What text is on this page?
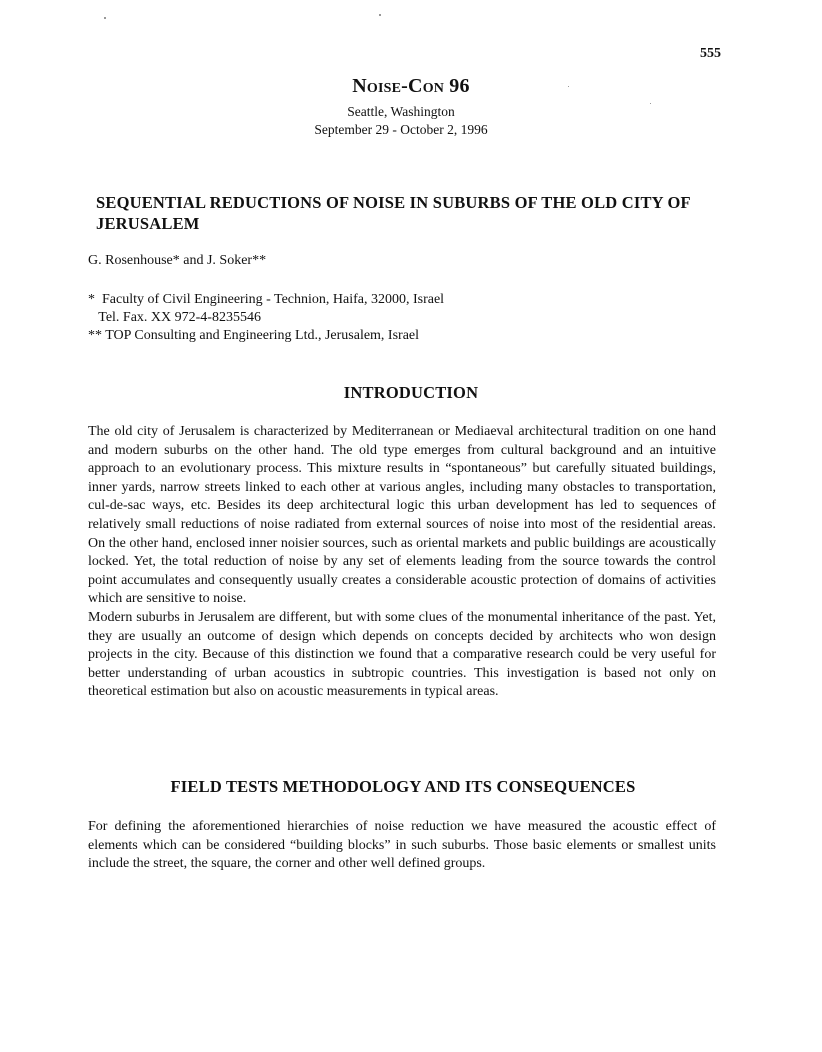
555
Noise-Con 96
Seattle, Washington
September 29 - October 2, 1996
SEQUENTIAL REDUCTIONS OF NOISE IN SUBURBS OF THE OLD CITY OF JERUSALEM
G. Rosenhouse* and J. Soker**
*  Faculty of Civil Engineering - Technion, Haifa, 32000, Israel
Tel. Fax. XX 972-4-8235546
** TOP Consulting and Engineering Ltd., Jerusalem, Israel
INTRODUCTION

The old city of Jerusalem is characterized by Mediterranean or Mediaeval architectural tradition on one hand and modern suburbs on the other hand. The old type emerges from cultural background and an intuitive approach to an evolutionary process. This mixture results in “spontaneous” but carefully situated buildings, inner yards, narrow streets linked to each other at various angles, including many obstacles to transportation, cul-de-sac ways, etc. Besides its deep architectural logic this urban development has led to sequences of relatively small reductions of noise radiated from external sources of noise into most of the residential areas. On the other hand, enclosed inner noisier sources, such as oriental markets and public buildings are acoustically locked. Yet, the total reduction of noise by any set of elements leading from the source towards the control point accumulates and consequently usually creates a considerable acoustic protection of domains of activities which are sensitive to noise.

Modern suburbs in Jerusalem are different, but with some clues of the monumental inheritance of the past. Yet, they are usually an outcome of design which depends on concepts decided by architects who won design projects in the city. Because of this distinction we found that a comparative research could be very useful for better understanding of urban acoustics in subtropic countries. This investigation is based not only on theoretical estimation but also on acoustic measurements in typical areas.

FIELD TESTS METHODOLOGY AND ITS CONSEQUENCES

For defining the aforementioned hierarchies of noise reduction we have measured the acoustic effect of elements which can be considered “building blocks” in such suburbs. Those basic elements or smallest units include the street, the square, the corner and other well defined groups.
